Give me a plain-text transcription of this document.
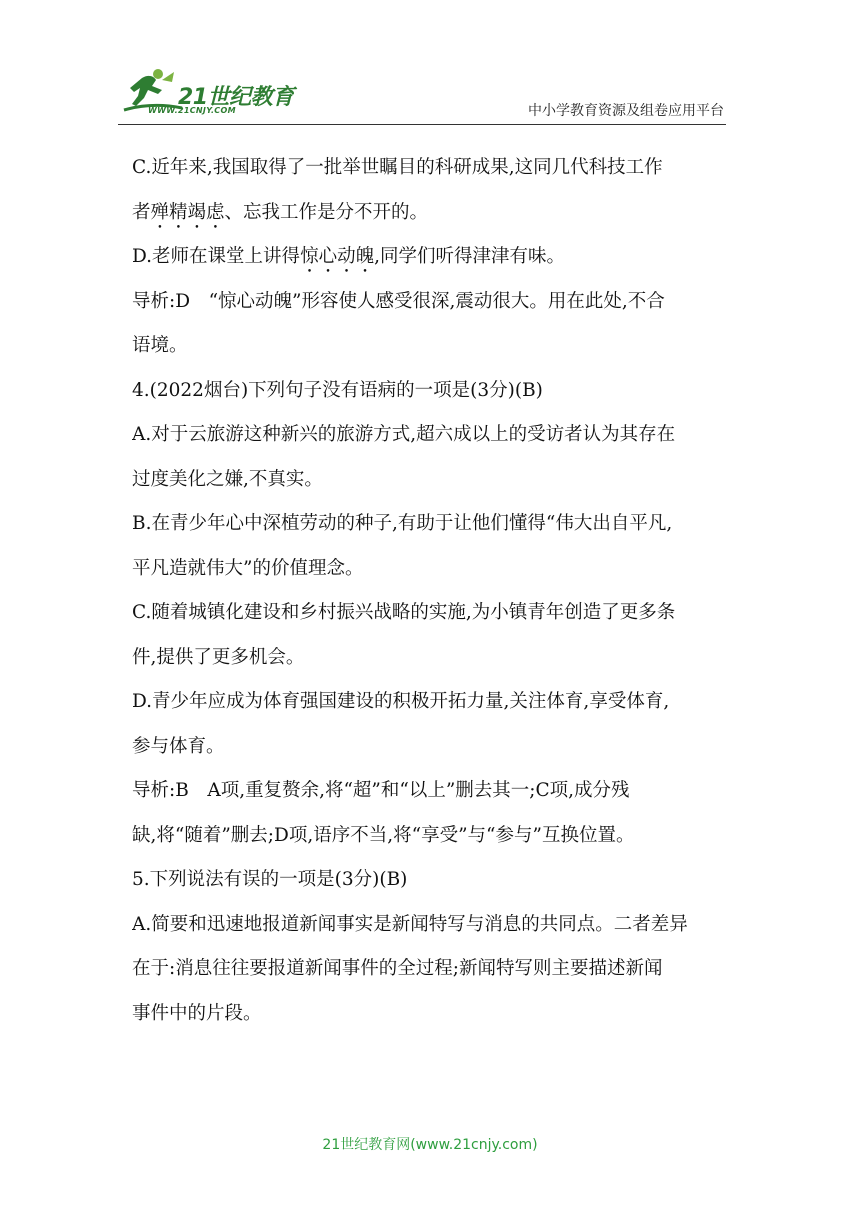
21世纪教育
WWW.21CNJY.COM	中小学教育资源及组卷应用平台
C.近年来,我国取得了一批举世瞩目的科研成果,这同几代科技工作
者殚精竭虑、忘我工作是分不开的。
D.老师在课堂上讲得惊心动魄,同学们听得津津有味。
导析:D　“惊心动魄”形容使人感受很深,震动很大。用在此处,不合
语境。
4.(2022烟台)下列句子没有语病的一项是(3分)(B)
A.对于云旅游这种新兴的旅游方式,超六成以上的受访者认为其存在
过度美化之嫌,不真实。
B.在青少年心中深植劳动的种子,有助于让他们懂得“伟大出自平凡,
平凡造就伟大”的价值理念。
C.随着城镇化建设和乡村振兴战略的实施,为小镇青年创造了更多条
件,提供了更多机会。
D.青少年应成为体育强国建设的积极开拓力量,关注体育,享受体育,
参与体育。
导析:B　A项,重复赘余,将“超”和“以上”删去其一;C项,成分残
缺,将“随着”删去;D项,语序不当,将“享受”与“参与”互换位置。
5.下列说法有误的一项是(3分)(B)
A.简要和迅速地报道新闻事实是新闻特写与消息的共同点。二者差异
在于:消息往往要报道新闻事件的全过程;新闻特写则主要描述新闻
事件中的片段。
21世纪教育网(www.21cnjy.com)
